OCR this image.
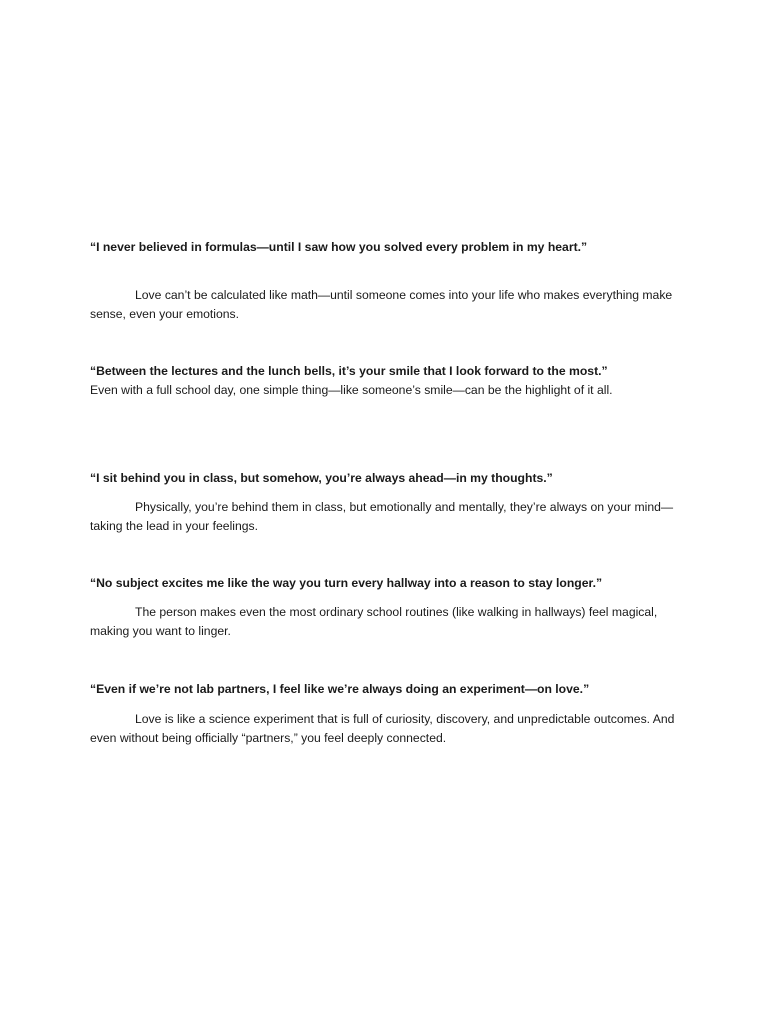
“I never believed in formulas—until I saw how you solved every problem in my heart.”

Love can’t be calculated like math—until someone comes into your life who makes everything make sense, even your emotions.

“Between the lectures and the lunch bells, it’s your smile that I look forward to the most.”

Even with a full school day, one simple thing—like someone’s smile—can be the highlight of it all.

“I sit behind you in class, but somehow, you’re always ahead—in my thoughts.”

Physically, you’re behind them in class, but emotionally and mentally, they’re always on your mind—taking the lead in your feelings.

“No subject excites me like the way you turn every hallway into a reason to stay longer.”

The person makes even the most ordinary school routines (like walking in hallways) feel magical, making you want to linger.

“Even if we’re not lab partners, I feel like we’re always doing an experiment—on love.”

Love is like a science experiment that is full of curiosity, discovery, and unpredictable outcomes. And even without being officially “partners,” you feel deeply connected.
